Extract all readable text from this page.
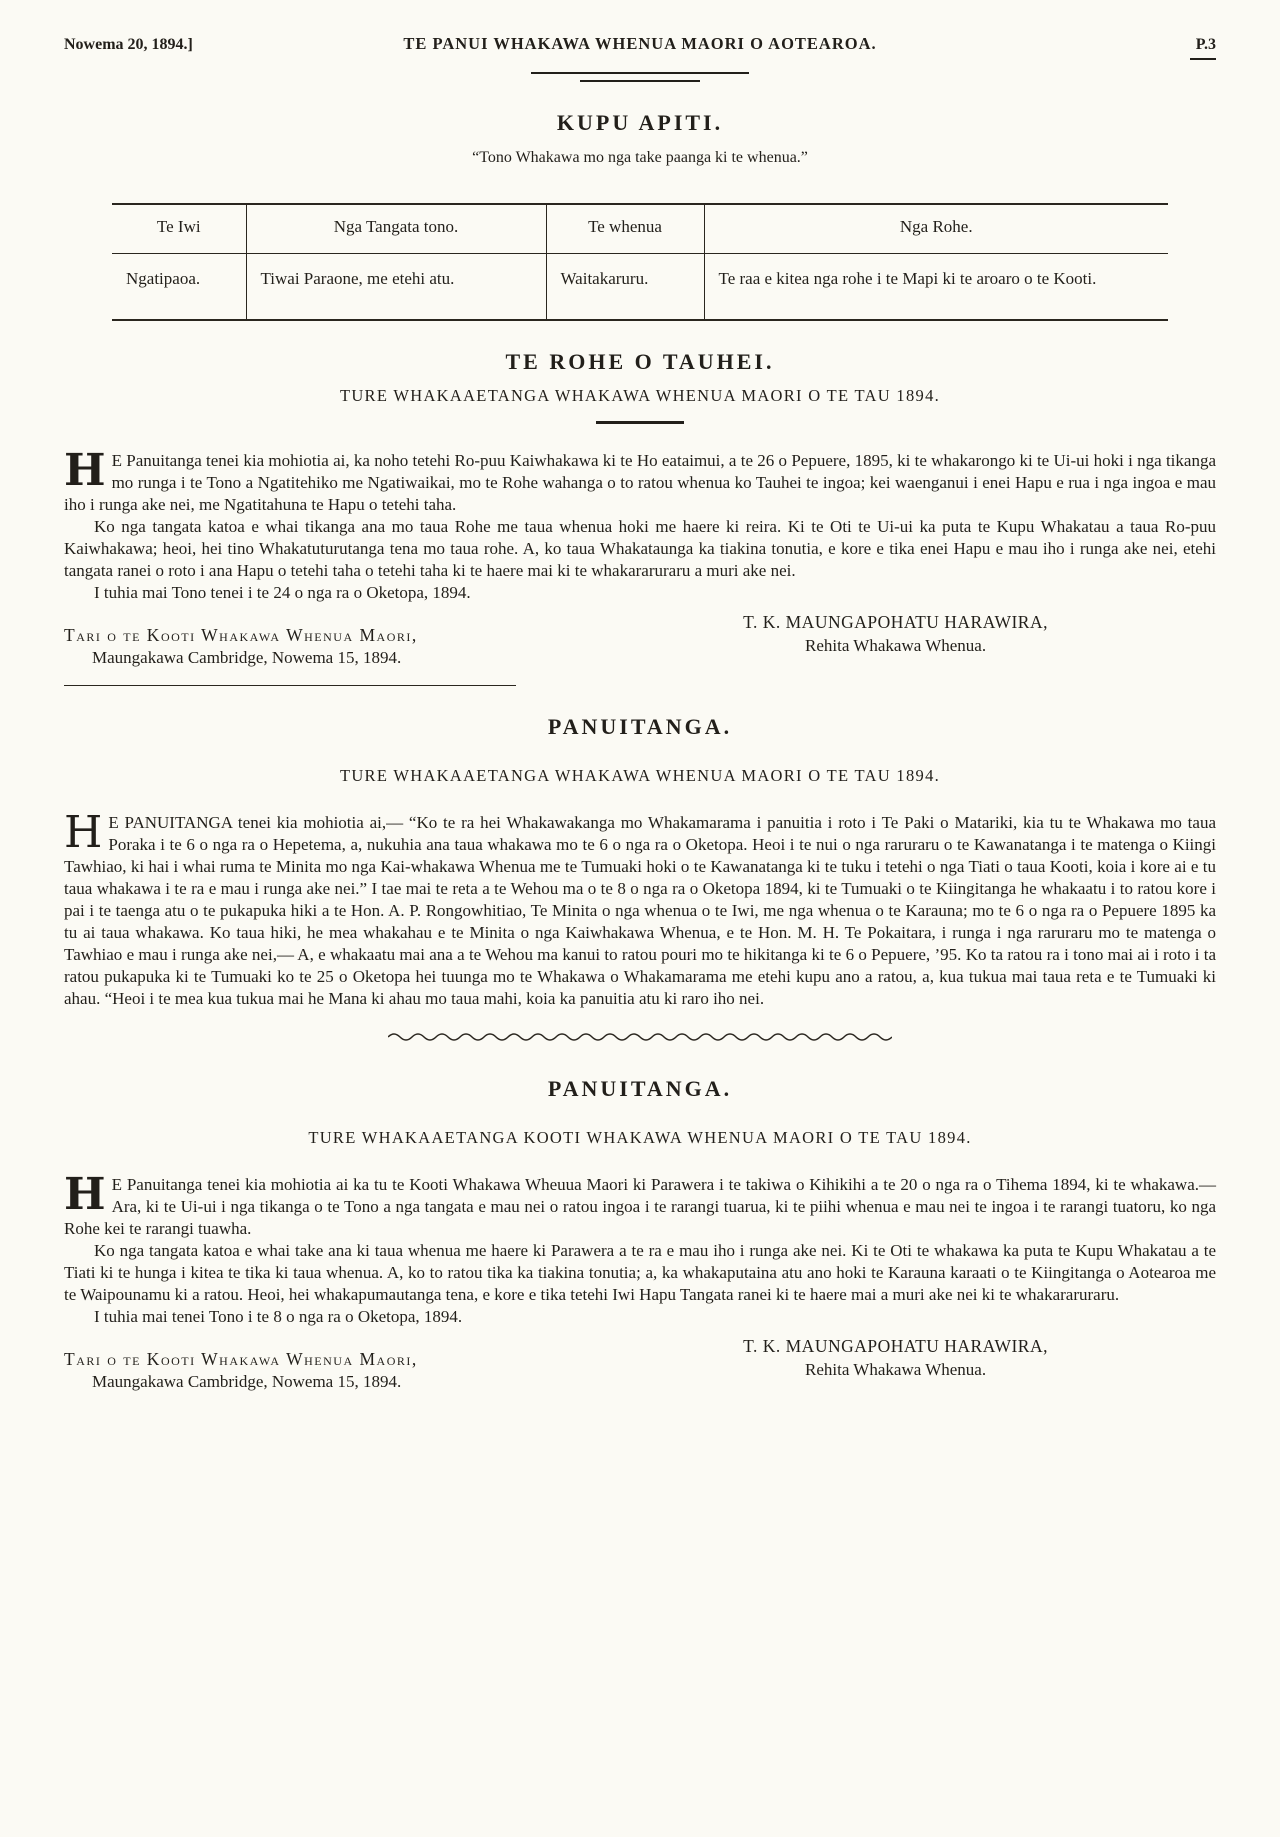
Nowema 20, 1894.]	TE PANUI WHAKAWA WHENUA MAORI O AOTEAROA.	P.3
KUPU APITI.
“Tono Whakawa mo nga take paanga ki te whenua.”
Te Iwi	Nga Tangata tono.	Te whenua	Nga Rohe.
Ngatipaoa.	Tiwai Paraone, me etehi atu.	Waitakaruru.	Te raa e kitea nga rohe i te Mapi ki te aroaro o te Kooti.
TE ROHE O TAUHEI.
TURE WHAKAAETANGA WHAKAWA WHENUA MAORI O TE TAU 1894.

H E Panuitanga tenei kia mohiotia ai, ka noho tetehi Ro-puu Kaiwhakawa ki te Ho eataimui, a te 26 o Pepuere, 1895, ki te whakarongo ki te Ui-ui hoki i nga tikanga mo runga i te Tono a Ngatitehiko me Ngatiwaikai, mo te Rohe wahanga o to ratou whenua ko Tauhei te ingoa; kei waenganui i enei Hapu e rua i nga ingoa e mau iho i runga ake nei, me Ngatitahuna te Hapu o tetehi taha.

Ko nga tangata katoa e whai tikanga ana mo taua Rohe me taua whenua hoki me haere ki reira. Ki te Oti te Ui-ui ka puta te Kupu Whakatau a taua Ro-puu Kaiwhakawa; heoi, hei tino Whakatuturutanga tena mo taua rohe. A, ko taua Whakataunga ka tiakina tonutia, e kore e tika enei Hapu e mau iho i runga ake nei, etehi tangata ranei o roto i ana Hapu o tetehi taha o tetehi taha ki te haere mai ki te whakararuraru a muri ake nei.

I tuhia mai Tono tenei i te 24 o nga ra o Oketopa, 1894.

Tari o te Kooti Whakawa Whenua Maori,
Maungakawa Cambridge, Nowema 15, 1894.
T. K. MAUNGAPOHATU HARAWIRA,
Rehita Whakawa Whenua.
PANUITANGA.
TURE WHAKAAETANGA WHAKAWA WHENUA MAORI O TE TAU 1894.

H E PANUITANGA tenei kia mohiotia ai,— “Ko te ra hei Whakawakanga mo Whakamarama i panuitia i roto i Te Paki o Matariki, kia tu te Whakawa mo taua Poraka i te 6 o nga ra o Hepetema, a, nukuhia ana taua whakawa mo te 6 o nga ra o Oketopa. Heoi i te nui o nga raruraru o te Kawanatanga i te matenga o Kiingi Tawhiao, ki hai i whai ruma te Minita mo nga Kai-whakawa Whenua me te Tumuaki hoki o te Kawanatanga ki te tuku i tetehi o nga Tiati o taua Kooti, koia i kore ai e tu taua whakawa i te ra e mau i runga ake nei.” I tae mai te reta a te Wehou ma o te 8 o nga ra o Oketopa 1894, ki te Tumuaki o te Kiingitanga he whakaatu i to ratou kore i pai i te taenga atu o te pukapuka hiki a te Hon. A. P. Rongowhitiao, Te Minita o nga whenua o te Iwi, me nga whenua o te Karauna; mo te 6 o nga ra o Pepuere 1895 ka tu ai taua whakawa. Ko taua hiki, he mea whakahau e te Minita o nga Kaiwhakawa Whenua, e te Hon. M. H. Te Pokaitara, i runga i nga raruraru mo te matenga o Tawhiao e mau i runga ake nei,— A, e whakaatu mai ana a te Wehou ma kanui to ratou pouri mo te hikitanga ki te 6 o Pepuere, ’95. Ko ta ratou ra i tono mai ai i roto i ta ratou pukapuka ki te Tumuaki ko te 25 o Oketopa hei tuunga mo te Whakawa o Whakamarama me etehi kupu ano a ratou, a, kua tukua mai taua reta e te Tumuaki ki ahau. “Heoi i te mea kua tukua mai he Mana ki ahau mo taua mahi, koia ka panuitia atu ki raro iho nei.

PANUITANGA.
TURE WHAKAAETANGA KOOTI WHAKAWA WHENUA MAORI O TE TAU 1894.

H E Panuitanga tenei kia mohiotia ai ka tu te Kooti Whakawa Wheuua Maori ki Parawera i te takiwa o Kihikihi a te 20 o nga ra o Tihema 1894, ki te whakawa.— Ara, ki te Ui-ui i nga tikanga o te Tono a nga tangata e mau nei o ratou ingoa i te rarangi tuarua, ki te piihi whenua e mau nei te ingoa i te rarangi tuatoru, ko nga Rohe kei te rarangi tuawha.

Ko nga tangata katoa e whai take ana ki taua whenua me haere ki Parawera a te ra e mau iho i runga ake nei. Ki te Oti te whakawa ka puta te Kupu Whakatau a te Tiati ki te hunga i kitea te tika ki taua whenua. A, ko to ratou tika ka tiakina tonutia; a, ka whakaputaina atu ano hoki te Karauna karaati o te Kiingitanga o Aotearoa me te Waipounamu ki a ratou. Heoi, hei whakapumautanga tena, e kore e tika tetehi Iwi Hapu Tangata ranei ki te haere mai a muri ake nei ki te whakararuraru.

I tuhia mai tenei Tono i te 8 o nga ra o Oketopa, 1894.

Tari o te Kooti Whakawa Whenua Maori,
Maungakawa Cambridge, Nowema 15, 1894.
T. K. MAUNGAPOHATU HARAWIRA,
Rehita Whakawa Whenua.
